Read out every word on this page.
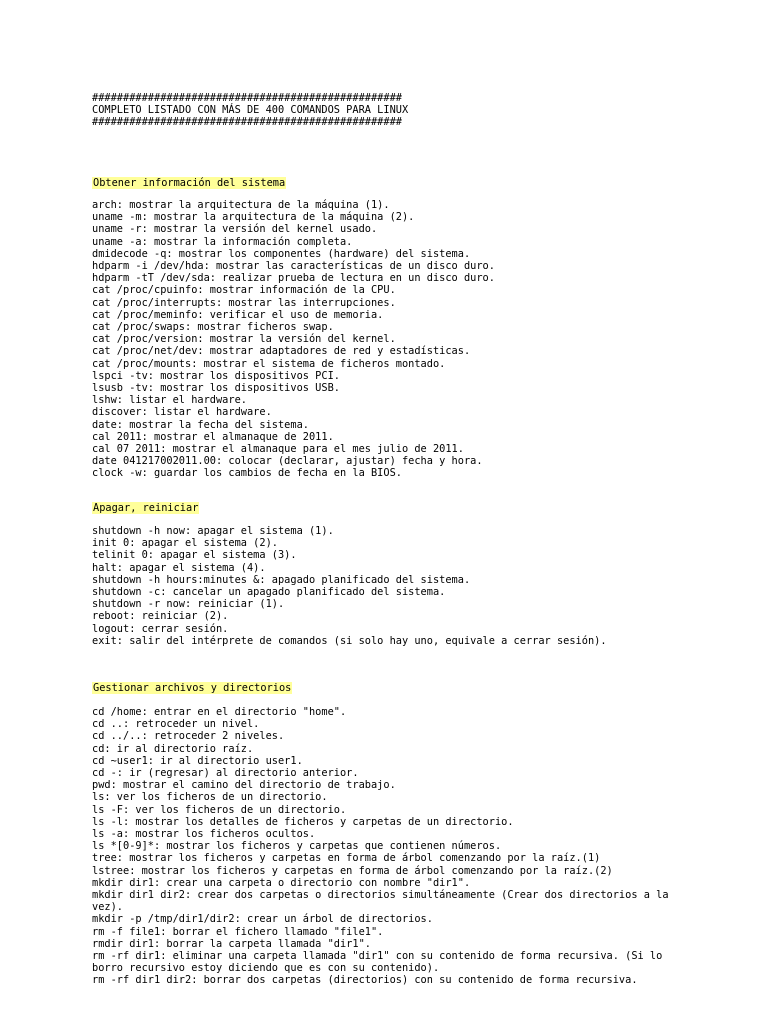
##################################################
COMPLETO LISTADO CON MÁS DE 400 COMANDOS PARA LINUX
##################################################
Obtener información del sistema
arch: mostrar la arquitectura de la máquina (1).
uname -m: mostrar la arquitectura de la máquina (2).
uname -r: mostrar la versión del kernel usado.
uname -a: mostrar la información completa.
dmidecode -q: mostrar los componentes (hardware) del sistema.
hdparm -i /dev/hda: mostrar las características de un disco duro.
hdparm -tT /dev/sda: realizar prueba de lectura en un disco duro.
cat /proc/cpuinfo: mostrar información de la CPU.
cat /proc/interrupts: mostrar las interrupciones.
cat /proc/meminfo: verificar el uso de memoria.
cat /proc/swaps: mostrar ficheros swap.
cat /proc/version: mostrar la versión del kernel.
cat /proc/net/dev: mostrar adaptadores de red y estadísticas.
cat /proc/mounts: mostrar el sistema de ficheros montado.
lspci -tv: mostrar los dispositivos PCI.
lsusb -tv: mostrar los dispositivos USB.
lshw: listar el hardware.
discover: listar el hardware.
date: mostrar la fecha del sistema.
cal 2011: mostrar el almanaque de 2011.
cal 07 2011: mostrar el almanaque para el mes julio de 2011.
date 041217002011.00: colocar (declarar, ajustar) fecha y hora.
clock -w: guardar los cambios de fecha en la BIOS.
Apagar, reiniciar
shutdown -h now: apagar el sistema (1).
init 0: apagar el sistema (2).
telinit 0: apagar el sistema (3).
halt: apagar el sistema (4).
shutdown -h hours:minutes &: apagado planificado del sistema.
shutdown -c: cancelar un apagado planificado del sistema.
shutdown -r now: reiniciar (1).
reboot: reiniciar (2).
logout: cerrar sesión.
exit: salir del intérprete de comandos (si solo hay uno, equivale a cerrar sesión).
Gestionar archivos y directorios
cd /home: entrar en el directorio "home".
cd ..: retroceder un nivel.
cd ../..: retroceder 2 niveles.
cd: ir al directorio raíz.
cd ~user1: ir al directorio user1.
cd -: ir (regresar) al directorio anterior.
pwd: mostrar el camino del directorio de trabajo.
ls: ver los ficheros de un directorio.
ls -F: ver los ficheros de un directorio.
ls -l: mostrar los detalles de ficheros y carpetas de un directorio.
ls -a: mostrar los ficheros ocultos.
ls *[0-9]*: mostrar los ficheros y carpetas que contienen números.
tree: mostrar los ficheros y carpetas en forma de árbol comenzando por la raíz.(1)
lstree: mostrar los ficheros y carpetas en forma de árbol comenzando por la raíz.(2)
mkdir dir1: crear una carpeta o directorio con nombre "dir1".
mkdir dir1 dir2: crear dos carpetas o directorios simultáneamente (Crear dos directorios a la vez).
mkdir -p /tmp/dir1/dir2: crear un árbol de directorios.
rm -f file1: borrar el fichero llamado "file1".
rmdir dir1: borrar la carpeta llamada "dir1".
rm -rf dir1: eliminar una carpeta llamada "dir1" con su contenido de forma recursiva. (Si lo borro recursivo estoy diciendo que es con su contenido).
rm -rf dir1 dir2: borrar dos carpetas (directorios) con su contenido de forma recursiva.
